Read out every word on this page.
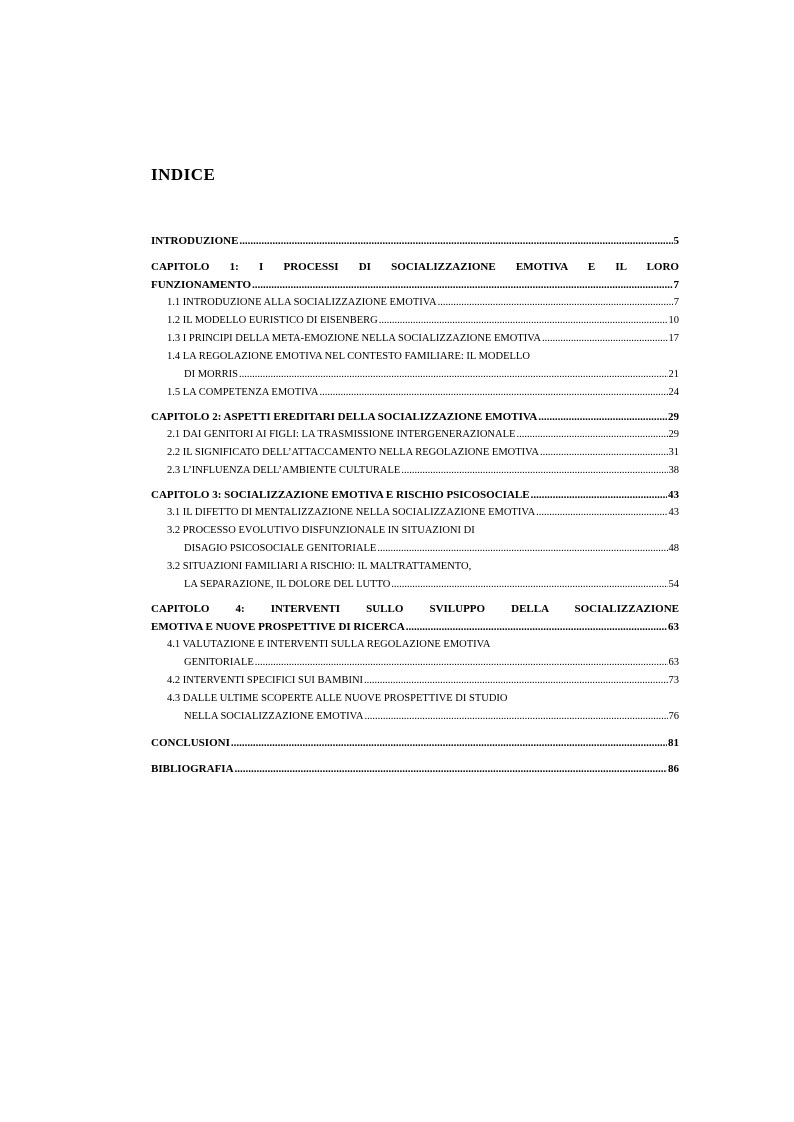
INDICE
INTRODUZIONE .....	5
CAPITOLO 1: I PROCESSI DI SOCIALIZZAZIONE EMOTIVA E IL LORO
FUNZIONAMENTO .....	7
1.1 INTRODUZIONE ALLA SOCIALIZZAZIONE EMOTIVA .....	7
1.2 IL MODELLO EURISTICO DI EISENBERG .....	10
1.3 I PRINCIPI DELLA META-EMOZIONE NELLA SOCIALIZZAZIONE EMOTIVA .....	17
1.4 LA REGOLAZIONE EMOTIVA NEL CONTESTO FAMILIARE: IL MODELLO
DI MORRIS .....	21
1.5 LA COMPETENZA EMOTIVA .....	24
CAPITOLO 2: ASPETTI EREDITARI DELLA SOCIALIZZAZIONE EMOTIVA .....	29
2.1 DAI GENITORI AI FIGLI: LA TRASMISSIONE INTERGENERAZIONALE .....	29
2.2 IL SIGNIFICATO DELL’ATTACCAMENTO NELLA REGOLAZIONE EMOTIVA .....	31
2.3 L’INFLUENZA DELL’AMBIENTE CULTURALE .....	38
CAPITOLO 3: SOCIALIZZAZIONE EMOTIVA E RISCHIO PSICOSOCIALE .....	43
3.1 IL DIFETTO DI MENTALIZZAZIONE NELLA SOCIALIZZAZIONE EMOTIVA .....	43
3.2 PROCESSO EVOLUTIVO DISFUNZIONALE IN SITUAZIONI DI
DISAGIO PSICOSOCIALE GENITORIALE .....	48
3.2 SITUAZIONI FAMILIARI A RISCHIO: IL MALTRATTAMENTO,
LA SEPARAZIONE, IL DOLORE DEL LUTTO .....	54
CAPITOLO 4: INTERVENTI SULLO SVILUPPO DELLA SOCIALIZZAZIONE
EMOTIVA E NUOVE PROSPETTIVE DI RICERCA .....	63
4.1 VALUTAZIONE E INTERVENTI SULLA REGOLAZIONE EMOTIVA
GENITORIALE .....	63
4.2 INTERVENTI SPECIFICI SUI BAMBINI .....	73
4.3 DALLE ULTIME SCOPERTE ALLE NUOVE PROSPETTIVE DI STUDIO
NELLA SOCIALIZZAZIONE EMOTIVA .....	76
CONCLUSIONI .....	81
BIBLIOGRAFIA .....	86
